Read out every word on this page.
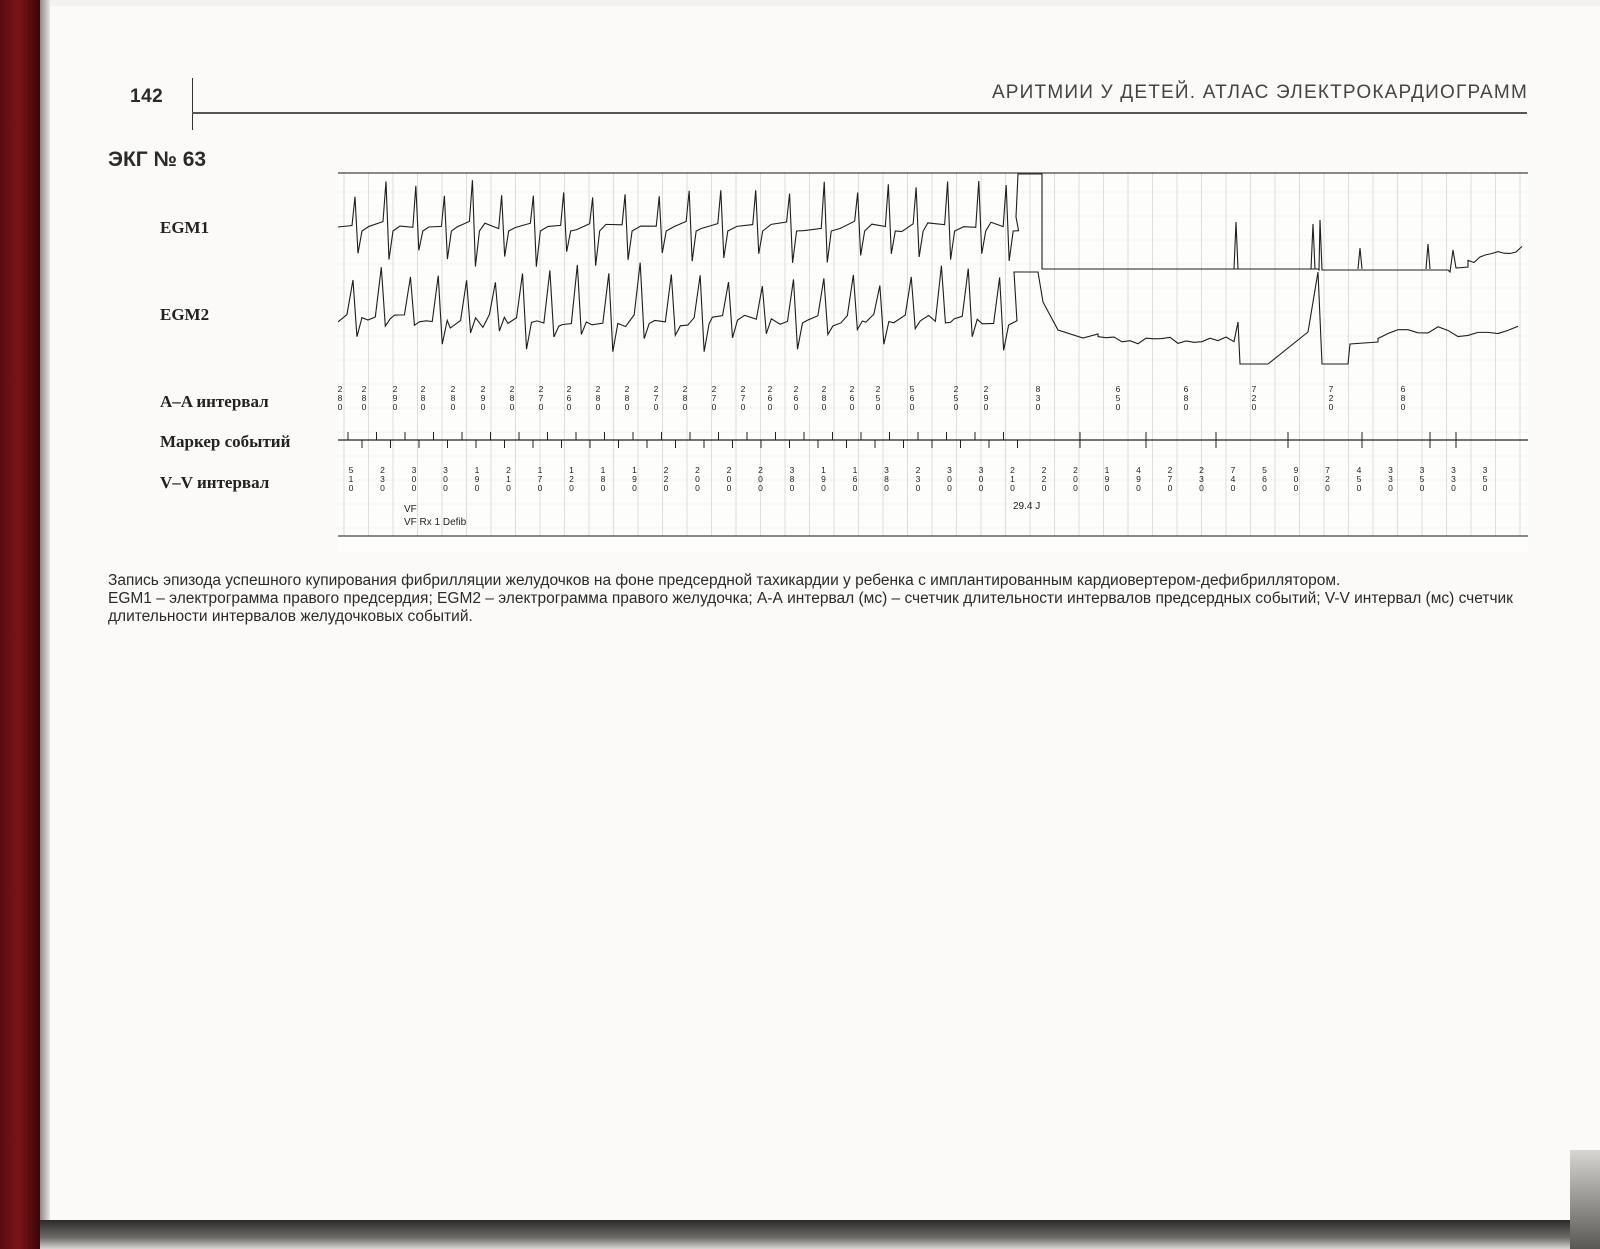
142	АРИТМИИ У ДЕТЕЙ. АТЛАС ЭЛЕКТРОКАРДИОГРАММ
ЭКГ № 63
EGM1
EGM2
A–A интервал
Маркер событий
V–V интервал
2 8 0
2 8 0
2 9 0
2 8 0
2 8 0
2 9 0
2 8 0
2 7 0
2 6 0
2 8 0
2 8 0
2 7 0
2 8 0
2 7 0
2 7 0
2 6 0
2 6 0
2 8 0
2 6 0
2 5 0
5 6 0
2 5 0
2 9 0
8 3 0
6 5 0
6 8 0
7 2 0
7 2 0
6 8 0
5 1 0
2 3 0
3 0 0
3 0 0
1 9 0
2 1 0
1 7 0
1 2 0
1 8 0
1 9 0
2 2 0
2 0 0
2 0 0
2 0 0
3 8 0
1 9 0
1 6 0
3 8 0
2 3 0
3 0 0
3 0 0
2 1 0
2 2 0
2 0 0
1 9 0
4 9 0
2 7 0
2 3 0
7 4 0
5 6 0
9 0 0
7 2 0
4 5 0
3 3 0
3 5 0
3 3 0
3 5 0
VF
VF Rx 1 Defib
29.4 J

Запись эпизода успешного купирования фибрилляции желудочков на фоне предсердной тахикардии у ребенка с имплантированным кардиовертером-дефибриллятором.

EGM1 – электрограмма правого предсердия; EGM2 – электрограмма правого желудочка; А-А интервал (мс) – счетчик длительности интервалов предсердных событий; V-V интервал (мс) счетчик длительности интервалов желудочковых событий.
